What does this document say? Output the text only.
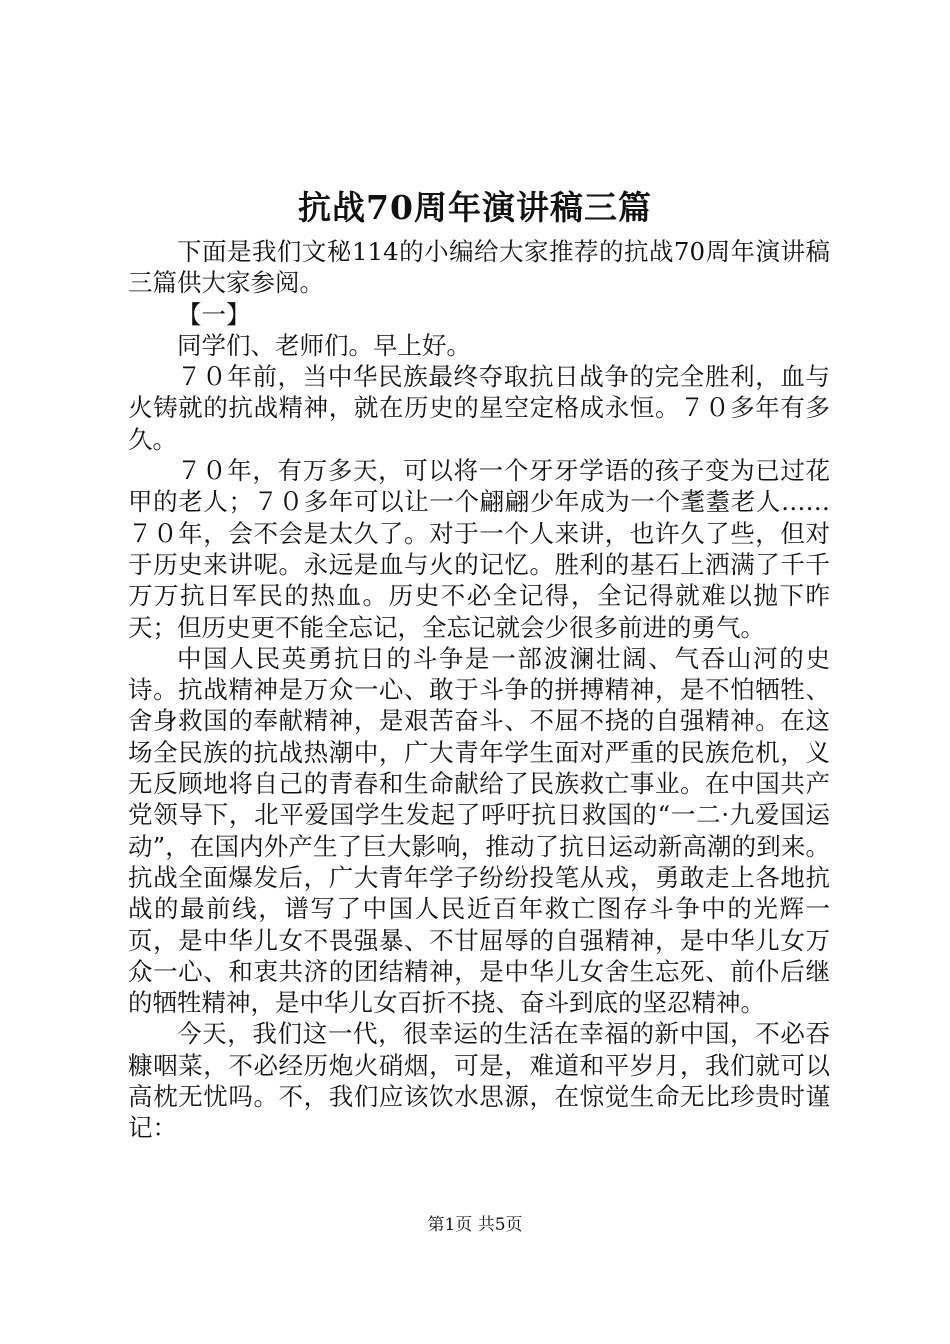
抗战70周年演讲稿三篇

下面是我们文秘114的小编给大家推荐的抗战70周年演讲稿三篇供大家参阅。

【一】

同学们、老师们。早上好。

７０年前，当中华民族最终夺取抗日战争的完全胜利，血与火铸就的抗战精神，就在历史的星空定格成永恒。７０多年有多久。

７０年，有万多天，可以将一个牙牙学语的孩子变为已过花甲的老人；７０多年可以让一个翩翩少年成为一个耄耋老人……７０年，会不会是太久了。对于一个人来讲，也许久了些，但对于历史来讲呢。永远是血与火的记忆。胜利的基石上洒满了千千万万抗日军民的热血。历史不必全记得，全记得就难以抛下昨天；但历史更不能全忘记，全忘记就会少很多前进的勇气。

中国人民英勇抗日的斗争是一部波澜壮阔、气吞山河的史诗。抗战精神是万众一心、敢于斗争的拼搏精神，是不怕牺牲、舍身救国的奉献精神，是艰苦奋斗、不屈不挠的自强精神。在这场全民族的抗战热潮中，广大青年学生面对严重的民族危机，义无反顾地将自己的青春和生命献给了民族救亡事业。在中国共产党领导下，北平爱国学生发起了呼吁抗日救国的“一二·九爱国运动”，在国内外产生了巨大影响，推动了抗日运动新高潮的到来。抗战全面爆发后，广大青年学子纷纷投笔从戎，勇敢走上各地抗战的最前线，谱写了中国人民近百年救亡图存斗争中的光辉一页，是中华儿女不畏强暴、不甘屈辱的自强精神，是中华儿女万众一心、和衷共济的团结精神，是中华儿女舍生忘死、前仆后继的牺牲精神，是中华儿女百折不挠、奋斗到底的坚忍精神。

今天，我们这一代，很幸运的生活在幸福的新中国，不必吞糠咽菜，不必经历炮火硝烟，可是，难道和平岁月，我们就可以高枕无忧吗。不，我们应该饮水思源，在惊觉生命无比珍贵时谨记：

第1页 共5页
